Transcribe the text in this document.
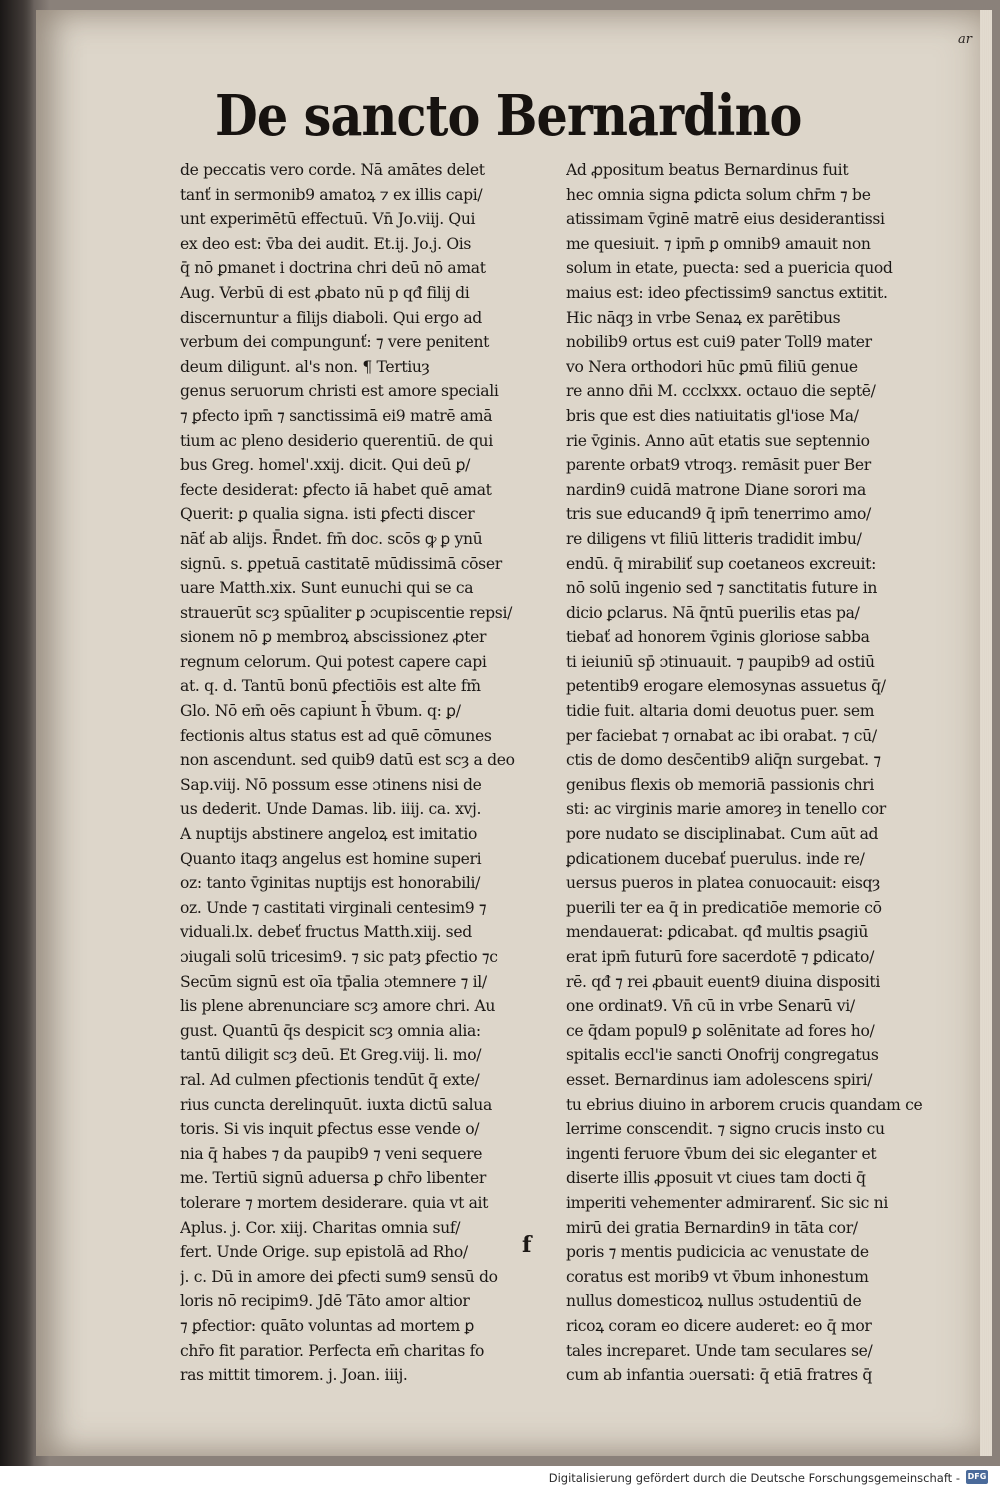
ar
De sancto Bernardino
de peccatis vero corde. Nā amātes delet
tanť in sermonib9 amatoꝝ ⁊ ex illis capi/
unt experimētū effectuū. Vn̄ Jo.viij. Qui
ex deo est: v̄ba dei audit. Et.ij. Jo.j. Ois
q̄ nō ꝑmanet i doctrina chri deū nō amat
Aug. Verbū di est ꝓbato nū p qđ filij di
discernuntur a filijs diaboli. Qui ergo ad
verbum dei compungunť: ⁊ vere penitent
deum diligunt. al's non. ¶ Tertiuȝ
genus seruorum christi est amore speciali
⁊ ꝑfecto ipm̄ ⁊ sanctissimā ei9 matrē amā
tium ac pleno desiderio querentiū. de qui
bus Greg. homel'.xxij. dicit. Qui deū ꝑ/
fecte desiderat: ꝑfecto iā habet quē amat
Querit: ꝑ qualia signa. isti ꝑfecti discer
nāť ab alijs. R̄ndet. fm̄ doc. scōs ꝙ ꝑ ynū
signū. s. ꝑpetuā castitatē mūdissimā cōser
uare Matth.xix. Sunt eunuchi qui se ca
strauerūt scȝ spūaliter ꝑ ɔcupiscentie repsi/
sionem nō ꝑ membroꝝ abscissionez ꝓter
regnum celorum. Qui potest capere capi
at. q. d. Tantū bonū ꝑfectiōis est alte fm̄
Glo. Nō em̄ oēs capiunt h̄ v̄bum. q: ꝑ/
fectionis altus status est ad quē cōmunes
non ascendunt. sed quib9 datū est scȝ a deo
Sap.viij. Nō possum esse ɔtinens nisi de
us dederit. Unde Damas. lib. iiij. ca. xvj.
A nuptijs abstinere angeloꝝ est imitatio
Quanto itaqȝ angelus est homine superi
oz: tanto v̄ginitas nuptijs est honorabili/
oz. Unde ⁊ castitati virginali centesim9 ⁊
viduali.lx. debeť fructus Matth.xiij. sed
ɔiugali solū tricesim9. ⁊ sic patȝ ꝑfectio ⁊c
Secūm signū est oīa tp̄alia ɔtemnere ⁊ il/
lis plene abrenunciare scȝ amore chri. Au
gust. Quantū q̄s despicit scȝ omnia alia:
tantū diligit scȝ deū. Et Greg.viij. li. mo/
ral. Ad culmen ꝑfectionis tendūt q̄ exte/
rius cuncta derelinquūt. iuxta dictū salua
toris. Si vis inquit ꝑfectus esse vende o/
nia q̄ habes ⁊ da paupib9 ⁊ veni sequere
me. Tertiū signū aduersa ꝑ chr̄o libenter
tolerare ⁊ mortem desiderare. quia vt ait
Aplus. j. Cor. xiij. Charitas omnia suf/
fert. Unde Orige. sup epistolā ad Rho/
j. c. Dū in amore dei ꝑfecti sum9 sensū do
loris nō recipim9. Jdē Tāto amor altior
⁊ ꝑfectior: quāto voluntas ad mortem ꝑ
chr̄o fit paratior. Perfecta em̄ charitas fo
ras mittit timorem. j. Joan. iiij.
Ad ꝓpositum beatus Bernardinus fuit
hec omnia signa ꝑdicta solum chr̄m ⁊ be
atissimam v̄ginē matrē eius desiderantissi
me quesiuit. ⁊ ipm̄ ꝑ omnib9 amauit non
solum in etate, puecta: sed a puericia quod
maius est: ideo ꝑfectissim9 sanctus extitit.
Hic nāqȝ in vrbe Senaꝝ ex parētibus
nobilib9 ortus est cui9 pater Toll9 mater
vo Nera orthodori hūc ꝑmū filiū genue
re anno dn̄i M. ccclxxx. octauo die septē/
bris que est dies natiuitatis gl'iose Ma/
rie v̄ginis. Anno aūt etatis sue septennio
parente orbat9 vtroqȝ. remāsit puer Ber
nardin9 cuidā matrone Diane sorori ma
tris sue educand9 q̄ ipm̄ tenerrimo amo/
re diligens vt filiū litteris tradidit imbu/
endū. q̄ mirabiliť sup coetaneos excreuit:
nō solū ingenio sed ⁊ sanctitatis future in
dicio ꝑclarus. Nā q̄ntū puerilis etas pa/
tiebať ad honorem v̄ginis gloriose sabba
ti ieiuniū sp̄ ɔtinuauit. ⁊ paupib9 ad ostiū
petentib9 erogare elemosynas assuetus q̄/
tidie fuit. altaria domi deuotus puer. sem
per faciebat ⁊ ornabat ac ibi orabat. ⁊ cū/
ctis de domo desc̄entib9 aliq̄n surgebat. ⁊
genibus flexis ob memoriā passionis chri
sti: ac virginis marie amoreȝ in tenello cor
pore nudato se disciplinabat. Cum aūt ad
ꝑdicationem ducebať puerulus. inde re/
uersus pueros in platea conuocauit: eisqȝ
puerili ter ea q̄ in predicatiōe memorie cō
mendauerat: ꝑdicabat. qđ multis ꝑsagiū
erat ipm̄ futurū fore sacerdotē ⁊ ꝑdicato/
rē. qđ ⁊ rei ꝓbauit euent9 diuina dispositi
one ordinat9. Vn̄ cū in vrbe Senarū vi/
ce q̄dam popul9 ꝑ solēnitate ad fores ho/
spitalis eccl'ie sancti Onofrij congregatus
esset. Bernardinus iam adolescens spiri/
tu ebrius diuino in arborem crucis quandam ce
lerrime conscendit. ⁊ signo crucis insto cu
ingenti feruore v̄bum dei sic eleganter et
diserte illis ꝓposuit vt ciues tam docti q̄
imperiti vehementer admirarenť. Sic sic ni
mirū dei gratia Bernardin9 in tāta cor/
poris ⁊ mentis pudicicia ac venustate de
coratus est morib9 vt v̄bum inhonestum
nullus domesticoꝝ nullus ɔstudentiū de
ricoꝝ coram eo dicere auderet: eo q̄ mor
tales increparet. Unde tam seculares se/
cum ab infantia ɔuersati: q̄ etiā fratres q̄
f
Digitalisierung gefördert durch die Deutsche Forschungsgemeinschaft - DFG
